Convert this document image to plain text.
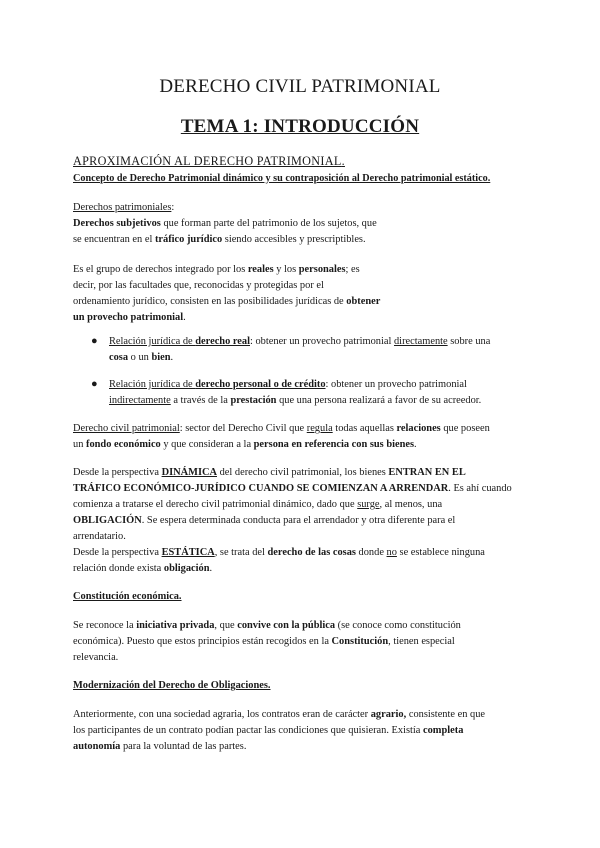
DERECHO CIVIL PATRIMONIAL
TEMA 1: INTRODUCCIÓN
APROXIMACIÓN AL DERECHO PATRIMONIAL.
Concepto de Derecho Patrimonial dinámico y su contraposición al Derecho patrimonial estático.
Derechos patrimoniales:
Derechos subjetivos que forman parte del patrimonio de los sujetos, que
se encuentran en el tráfico jurídico siendo accesibles y prescriptibles.
Es el grupo de derechos integrado por los reales y los personales; es
decir, por las facultades que, reconocidas y protegidas por el
ordenamiento jurídico, consisten en las posibilidades jurídicas de obtener
un provecho patrimonial.
● Relación jurídica de derecho real: obtener un provecho patrimonial directamente sobre una
cosa o un bien.
● Relación jurídica de derecho personal o de crédito: obtener un provecho patrimonial
indirectamente a través de la prestación que una persona realizará a favor de su acreedor.
Derecho civil patrimonial: sector del Derecho Civil que regula todas aquellas relaciones que poseen
un fondo económico y que consideran a la persona en referencia con sus bienes.
Desde la perspectiva DINÁMICA del derecho civil patrimonial, los bienes ENTRAN EN EL
TRÁFICO ECONÓMICO-JURÍDICO CUANDO SE COMIENZAN A ARRENDAR. Es ahí cuando
comienza a tratarse el derecho civil patrimonial dinámico, dado que surge, al menos, una
OBLIGACIÓN. Se espera determinada conducta para el arrendador y otra diferente para el
arrendatario.
Desde la perspectiva ESTÁTICA, se trata del derecho de las cosas donde no se establece ninguna
relación donde exista obligación.
Constitución económica.
Se reconoce la iniciativa privada, que convive con la pública (se conoce como constitución
económica). Puesto que estos principios están recogidos en la Constitución, tienen especial
relevancia.
Modernización del Derecho de Obligaciones.
Anteriormente, con una sociedad agraria, los contratos eran de carácter agrario, consistente en que
los participantes de un contrato podían pactar las condiciones que quisieran. Existía completa
autonomía para la voluntad de las partes.
